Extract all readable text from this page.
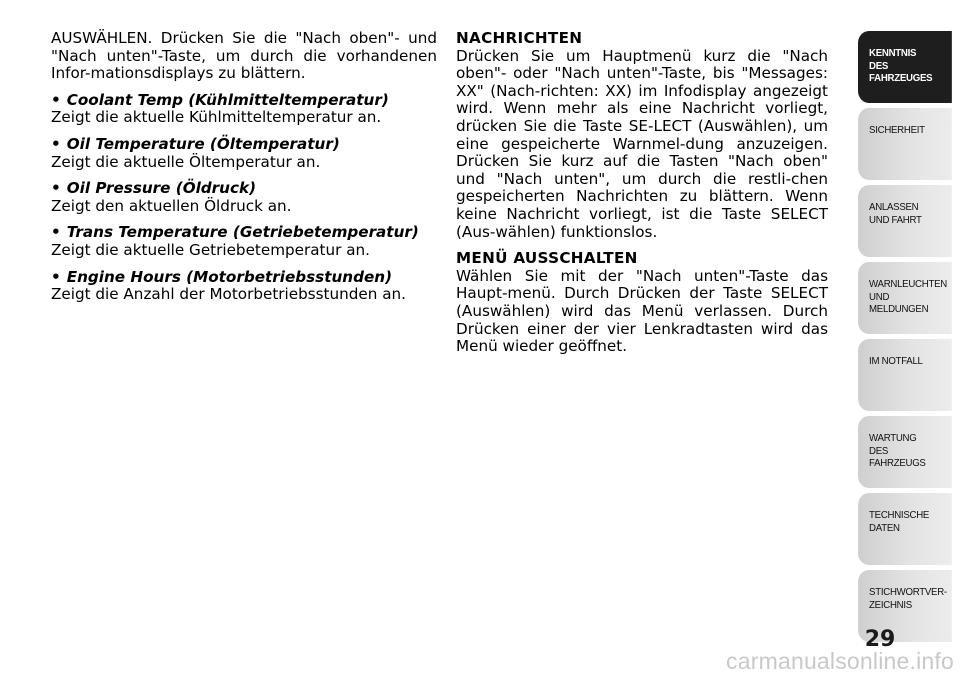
AUSWÄHLEN. Drücken Sie die "Nach oben"- und "Nach unten"-Taste, um durch die vorhandenen Infor-mationsdisplays zu blättern.

• Coolant Temp (Kühlmitteltemperatur)
Zeigt die aktuelle Kühlmitteltemperatur an.
• Oil Temperature (Öltemperatur)
Zeigt die aktuelle Öltemperatur an.
• Oil Pressure (Öldruck)
Zeigt den aktuellen Öldruck an.
• Trans Temperature (Getriebetemperatur)
Zeigt die aktuelle Getriebetemperatur an.
• Engine Hours (Motorbetriebsstunden)
Zeigt die Anzahl der Motorbetriebsstunden an.
NACHRICHTEN
Drücken Sie um Hauptmenü kurz die "Nach oben"- oder "Nach unten"-Taste, bis "Messages: XX" (Nach-richten: XX) im Infodisplay angezeigt wird. Wenn mehr als eine Nachricht vorliegt, drücken Sie die Taste SE-LECT (Auswählen), um eine gespeicherte Warnmel-dung anzuzeigen. Drücken Sie kurz auf die Tasten "Nach oben" und "Nach unten", um durch die restli-chen gespeicherten Nachrichten zu blättern. Wenn keine Nachricht vorliegt, ist die Taste SELECT (Aus-wählen) funktionslos.
MENÜ AUSSCHALTEN
Wählen Sie mit der "Nach unten"-Taste das Haupt-menü. Durch Drücken der Taste SELECT (Auswählen) wird das Menü verlassen. Durch Drücken einer der vier Lenkradtasten wird das Menü wieder geöffnet.
KENNTNIS
DES
FAHRZEUGES
SICHERHEIT
ANLASSEN
UND FAHRT
WARNLEUCHTEN
UND
MELDUNGEN
IM NOTFALL
WARTUNG
DES
FAHRZEUGS
TECHNISCHE
DATEN
STICHWORTVER-
ZEICHNIS
29
carmanualsonline.info
